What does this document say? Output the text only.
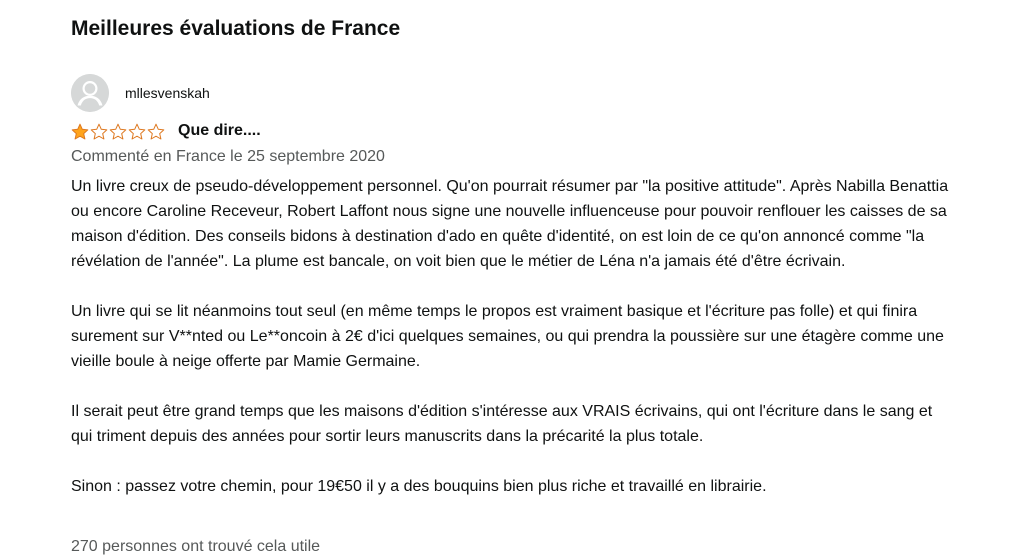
Meilleures évaluations de France
mllesvenskah
Que dire....
Commenté en France le 25 septembre 2020

Un livre creux de pseudo-développement personnel. Qu'on pourrait résumer par "la positive attitude". Après Nabilla Benattia ou encore Caroline Receveur, Robert Laffont nous signe une nouvelle influenceuse pour pouvoir renflouer les caisses de sa maison d'édition. Des conseils bidons à destination d'ado en quête d'identité, on est loin de ce qu'on annoncé comme "la révélation de l'année". La plume est bancale, on voit bien que le métier de Léna n'a jamais été d'être écrivain.

Un livre qui se lit néanmoins tout seul (en même temps le propos est vraiment basique et l'écriture pas folle) et qui finira surement sur V**nted ou Le**oncoin à 2€ d'ici quelques semaines, ou qui prendra la poussière sur une étagère comme une vieille boule à neige offerte par Mamie Germaine.

Il serait peut être grand temps que les maisons d'édition s'intéresse aux VRAIS écrivains, qui ont l'écriture dans le sang et qui triment depuis des années pour sortir leurs manuscrits dans la précarité la plus totale.

Sinon : passez votre chemin, pour 19€50 il y a des bouquins bien plus riche et travaillé en librairie.

270 personnes ont trouvé cela utile
